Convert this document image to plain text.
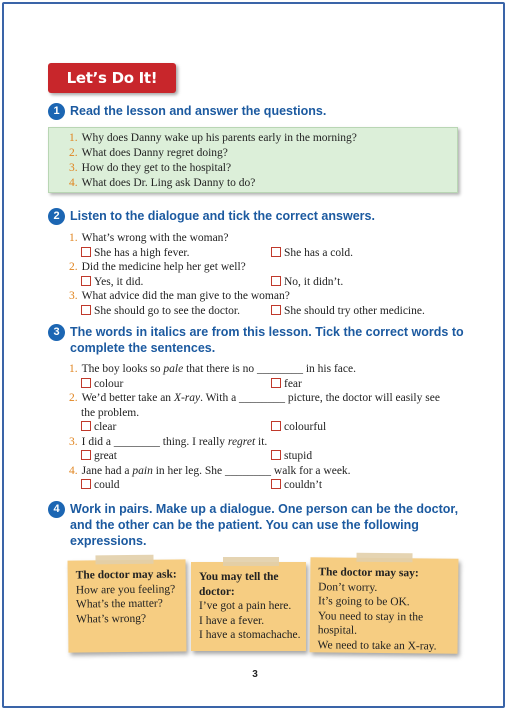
Let’s Do It!
1 Read the lesson and answer the questions.
1. Why does Danny wake up his parents early in the morning?
2. What does Danny regret doing?
3. How do they get to the hospital?
4. What does Dr. Ling ask Danny to do?
2 Listen to the dialogue and tick the correct answers.
1. What’s wrong with the woman?
She has a high fever.	She has a cold.
2. Did the medicine help her get well?
Yes, it did.	No, it didn’t.
3. What advice did the man give to the woman?
She should go to see the doctor.	She should try other medicine.
3 The words in italics are from this lesson. Tick the correct words to
complete the sentences.
1. The boy looks so pale that there is no ________ in his face.
colour	fear
2. We’d better take an X-ray. With a ________ picture, the doctor will easily see
the problem.
clear	colourful
3. I did a ________ thing. I really regret it.
great	stupid
4. Jane had a pain in her leg. She ________ walk for a week.
could	couldn’t
4 Work in pairs. Make up a dialogue. One person can be the doctor,
and the other can be the patient. You can use the following
expressions.
The doctor may ask:
How are you feeling?
What’s the matter?
What’s wrong?
You may tell the
doctor:
I’ve got a pain here.
I have a fever.
I have a stomachache.
The doctor may say:
Don’t worry.
It’s going to be OK.
You need to stay in the
hospital.
We need to take an X-ray.
3
